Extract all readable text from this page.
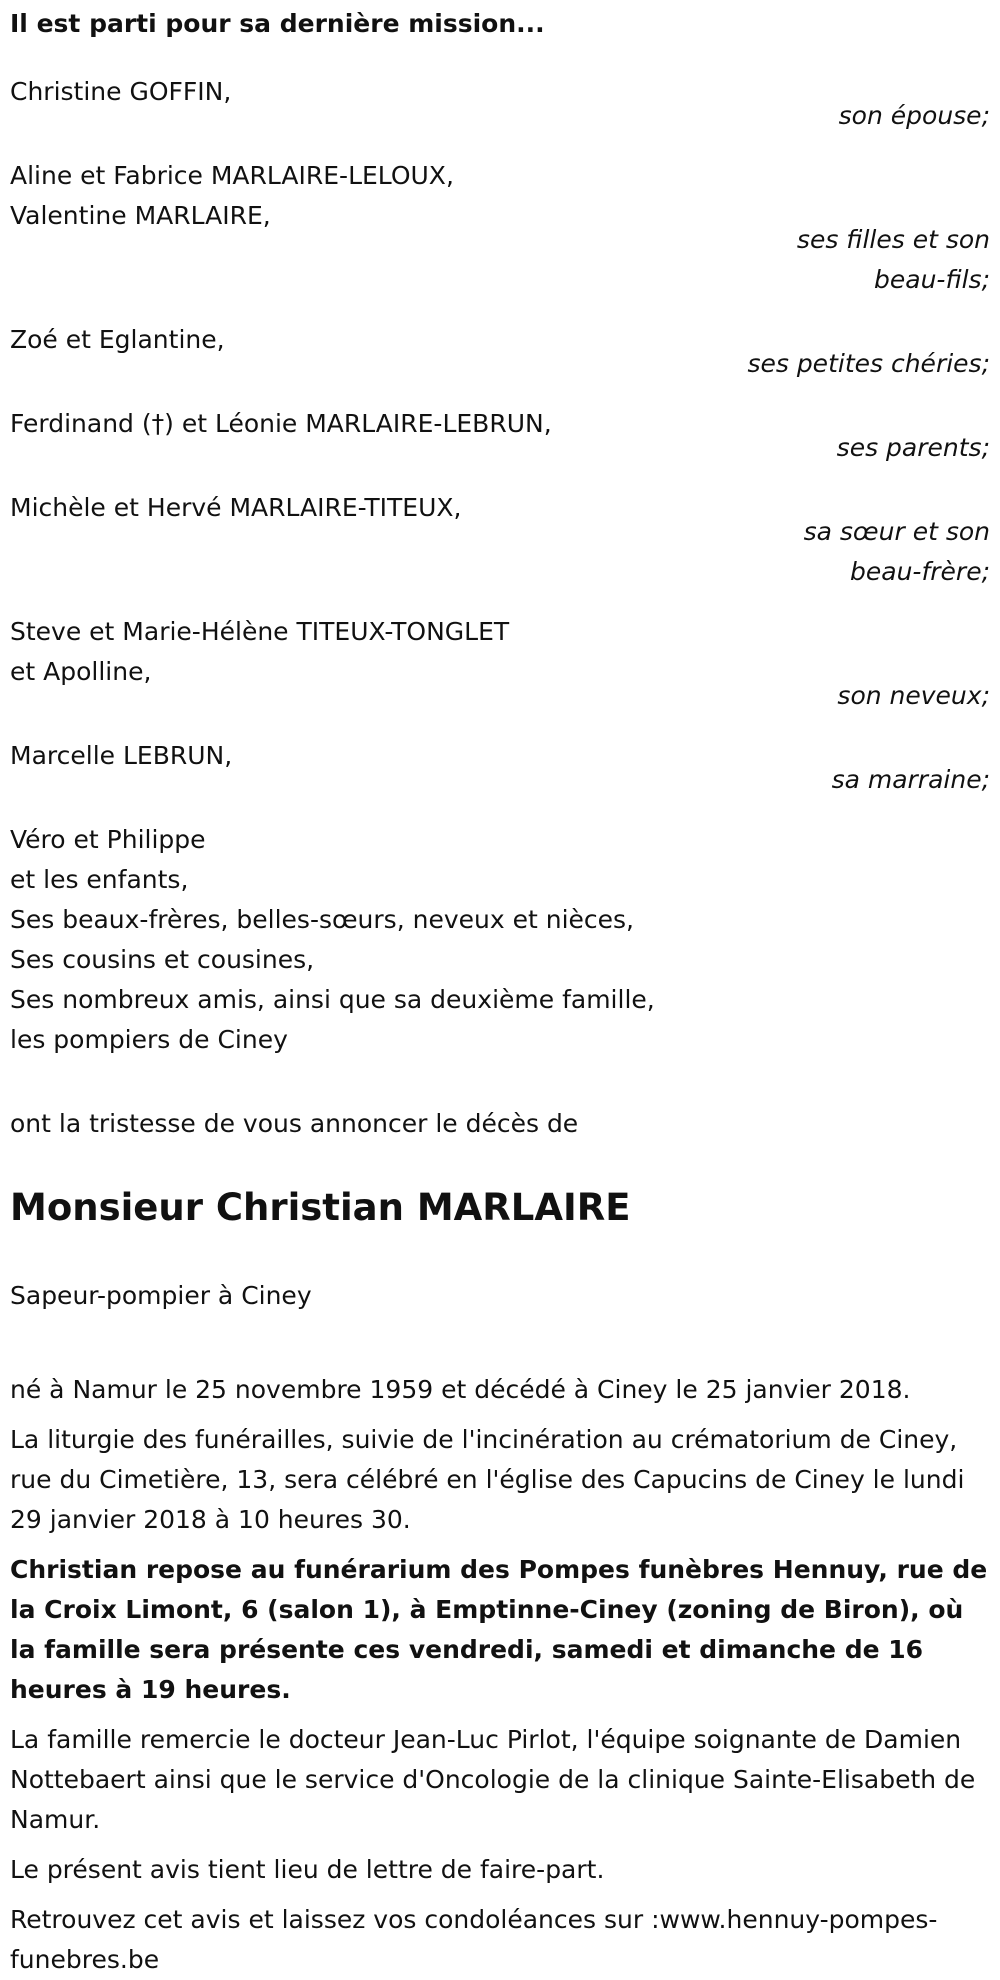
Il est parti pour sa dernière mission...
Christine GOFFIN,
son épouse;
Aline et Fabrice MARLAIRE-LELOUX,
Valentine MARLAIRE,
ses filles et son
beau-fils;
Zoé et Eglantine,
ses petites chéries;
Ferdinand (†) et Léonie MARLAIRE-LEBRUN,
ses parents;
Michèle et Hervé MARLAIRE-TITEUX,
sa sœur et son
beau-frère;
Steve et Marie-Hélène TITEUX-TONGLET
et Apolline,
son neveux;
Marcelle LEBRUN,
sa marraine;
Véro et Philippe
et les enfants,
Ses beaux-frères, belles-sœurs, neveux et nièces,
Ses cousins et cousines,
Ses nombreux amis, ainsi que sa deuxième famille,
les pompiers de Ciney
ont la tristesse de vous annoncer le décès de
Monsieur Christian MARLAIRE
Sapeur-pompier à Ciney
né à Namur le 25 novembre 1959 et décédé à Ciney le 25 janvier 2018.
La liturgie des funérailles, suivie de l'incinération au crématorium de Ciney, rue du Cimetière, 13, sera célébré en l'église des Capucins de Ciney le lundi 29 janvier 2018 à 10 heures 30.
Christian repose au funérarium des Pompes funèbres Hennuy, rue de la Croix Limont, 6 (salon 1), à Emptinne-Ciney (zoning de Biron), où la famille sera présente ces vendredi, samedi et dimanche de 16 heures à 19 heures.
La famille remercie le docteur Jean-Luc Pirlot, l'équipe soignante de Damien Nottebaert ainsi que le service d'Oncologie de la clinique Sainte-Elisabeth de Namur.
Le présent avis tient lieu de lettre de faire-part.
Retrouvez cet avis et laissez vos condoléances sur :www.hennuy-pompes-funebres.be
